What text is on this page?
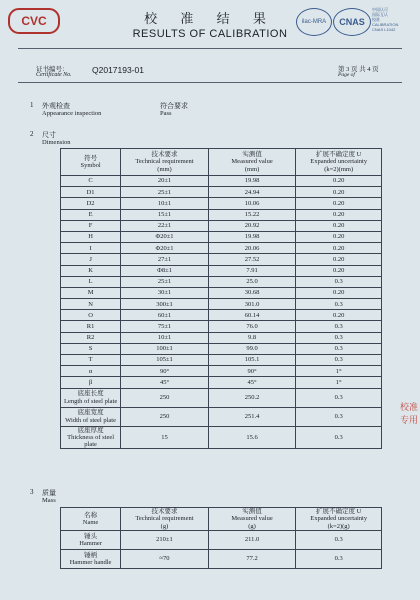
CVC	校 准 结 果
RESULTS OF CALIBRATION
ilac-MRA	CNAS
中国认可
国际互认
校准
CALIBRATION
CNAS L1042
证书编号：
Certificate No. Q2017193-01	第 3 页 共 4 页
Page of
1 外观检查
Appearance inspection
符合要求
Pass
2 尺寸
Dimension
符号
Symbol	技术要求
Technical requirement
(mm)	实测值
Measured value
(mm)	扩展不确定度 U
Expanded uncertainty
(k=2)(mm)

C	20±1	19.98	0.20
D1	25±1	24.94	0.20
D2	10±1	10.06	0.20
E	15±1	15.22	0.20
F	22±1	20.92	0.20
H	Φ20±1	19.98	0.20
I	Φ20±1	20.06	0.20
J	27±1	27.52	0.20
K	Φ8±1	7.91	0.20
L	25±1	25.0	0.3
M	30±1	30.68	0.20
N	300±1	301.0	0.3
O	60±1	60.14	0.20
R1	75±1	76.0	0.3
R2	10±1	9.8	0.3
S	100±1	99.0	0.3
T	105±1	105.1	0.3
α	90°	90°	1°
β	45°	45°	1°

底座长度
Length of steel plate	250	250.2	0.3

底座宽度
Width of steel plate	250	251.4	0.3

底座厚度
Thickness of steel plate	15	15.6	0.3
3 质量
Mass
名称
Name	技术要求
Technical requirement
(g)	实测值
Measured value
(g)	扩展不确定度 U
Expanded uncertainty
(k=2)(g)

锤头
Hammer	210±1	211.0	0.3

锤柄
Hammer handle	≈70	77.2	0.3
校准
专用
